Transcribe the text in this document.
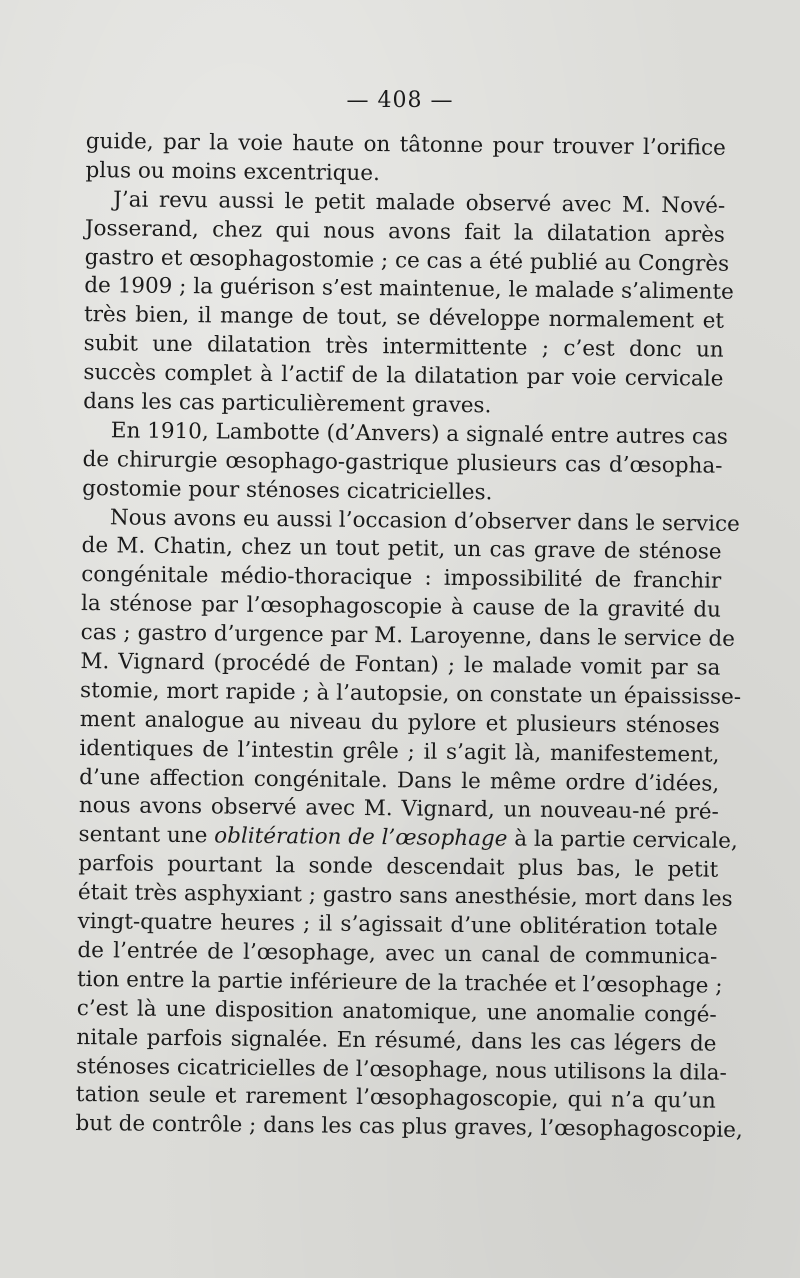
— 408 —
guide, par la voie haute on tâtonne pour trouver l’orifice
plus ou moins excentrique.
J’ai revu aussi le petit malade observé avec M. Nové-
Josserand, chez qui nous avons fait la dilatation après
gastro et œsophagostomie ; ce cas a été publié au Congrès
de 1909 ; la guérison s’est maintenue, le malade s’alimente
très bien, il mange de tout, se développe normalement et
subit une dilatation très intermittente ; c’est donc un
succès complet à l’actif de la dilatation par voie cervicale
dans les cas particulièrement graves.
En 1910, Lambotte (d’Anvers) a signalé entre autres cas
de chirurgie œsophago-gastrique plusieurs cas d’œsopha-
gostomie pour sténoses cicatricielles.
Nous avons eu aussi l’occasion d’observer dans le service
de M. Chatin, chez un tout petit, un cas grave de sténose
congénitale médio-thoracique : impossibilité de franchir
la sténose par l’œsophagoscopie à cause de la gravité du
cas ; gastro d’urgence par M. Laroyenne, dans le service de
M. Vignard (procédé de Fontan) ; le malade vomit par sa
stomie, mort rapide ; à l’autopsie, on constate un épaississe-
ment analogue au niveau du pylore et plusieurs sténoses
identiques de l’intestin grêle ; il s’agit là, manifestement,
d’une affection congénitale. Dans le même ordre d’idées,
nous avons observé avec M. Vignard, un nouveau-né pré-
sentant une oblitération de l’œsophage à la partie cervicale,
parfois pourtant la sonde descendait plus bas, le petit
était très asphyxiant ; gastro sans anesthésie, mort dans les
vingt-quatre heures ; il s’agissait d’une oblitération totale
de l’entrée de l’œsophage, avec un canal de communica-
tion entre la partie inférieure de la trachée et l’œsophage ;
c’est là une disposition anatomique, une anomalie congé-
nitale parfois signalée. En résumé, dans les cas légers de
sténoses cicatricielles de l’œsophage, nous utilisons la dila-
tation seule et rarement l’œsophagoscopie, qui n’a qu’un
but de contrôle ; dans les cas plus graves, l’œsophagoscopie,
